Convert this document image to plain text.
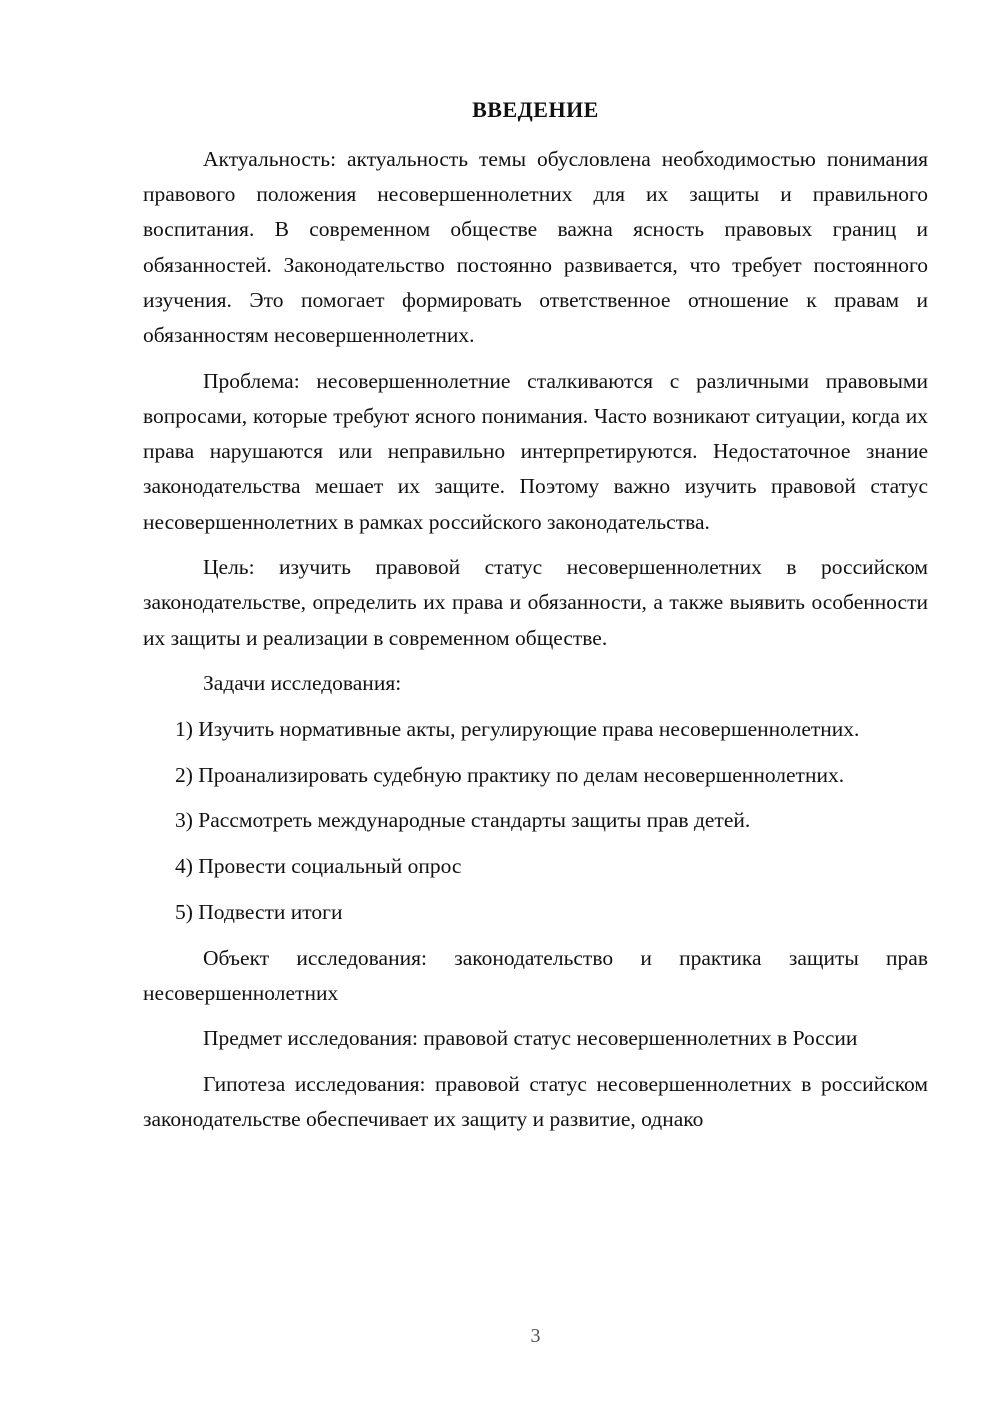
ВВЕДЕНИЕ

Актуальность: актуальность темы обусловлена необходимостью понимания правового положения несовершеннолетних для их защиты и правильного воспитания. В современном обществе важна ясность правовых границ и обязанностей. Законодательство постоянно развивается, что требует постоянного изучения. Это помогает формировать ответственное отношение к правам и обязанностям несовершеннолетних.

Проблема: несовершеннолетние сталкиваются с различными правовыми вопросами, которые требуют ясного понимания. Часто возникают ситуации, когда их права нарушаются или неправильно интерпретируются. Недостаточное знание законодательства мешает их защите. Поэтому важно изучить правовой статус несовершеннолетних в рамках российского законодательства.

Цель: изучить правовой статус несовершеннолетних в российском законодательстве, определить их права и обязанности, а также выявить особенности их защиты и реализации в современном обществе.

Задачи исследования:

1) Изучить нормативные акты, регулирующие права несовершеннолетних.

2) Проанализировать судебную практику по делам несовершеннолетних.

3) Рассмотреть международные стандарты защиты прав детей.

4) Провести социальный опрос

5) Подвести итоги

Объект исследования: законодательство и практика защиты прав несовершеннолетних

Предмет исследования: правовой статус несовершеннолетних в России

Гипотеза исследования: правовой статус несовершеннолетних в российском законодательстве обеспечивает их защиту и развитие, однако

3
